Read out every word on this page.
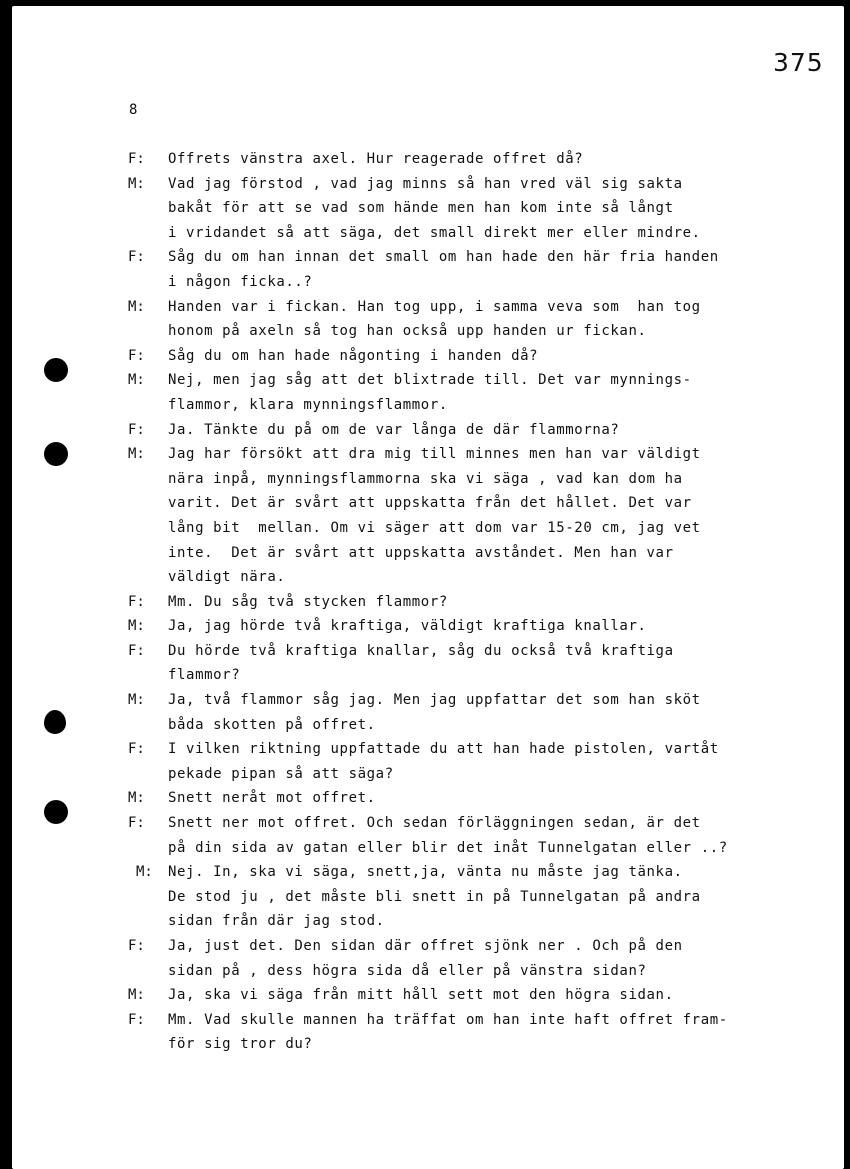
375
8
F:	Offrets vänstra axel. Hur reagerade offret då?
M:	Vad jag förstod , vad jag minns så han vred väl sig sakta
bakåt för att se vad som hände men han kom inte så långt
i vridandet så att säga, det small direkt mer eller mindre.
F:	Såg du om han innan det small om han hade den här fria handen
i någon ficka..?
M:	Handen var i fickan. Han tog upp, i samma veva som  han tog
honom på axeln så tog han också upp handen ur fickan.
F:	Såg du om han hade någonting i handen då?
M:	Nej, men jag såg att det blixtrade till. Det var mynnings-
flammor, klara mynningsflammor.
F:	Ja. Tänkte du på om de var långa de där flammorna?
M:	Jag har försökt att dra mig till minnes men han var väldigt
nära inpå, mynningsflammorna ska vi säga , vad kan dom ha
varit. Det är svårt att uppskatta från det hållet. Det var
lång bit  mellan. Om vi säger att dom var 15-20 cm, jag vet
inte.  Det är svårt att uppskatta avståndet. Men han var
väldigt nära.
F:	Mm. Du såg två stycken flammor?
M:	Ja, jag hörde två kraftiga, väldigt kraftiga knallar.
F:	Du hörde två kraftiga knallar, såg du också två kraftiga
flammor?
M:	Ja, två flammor såg jag. Men jag uppfattar det som han sköt
båda skotten på offret.
F:	I vilken riktning uppfattade du att han hade pistolen, vartåt
pekade pipan så att säga?
M:	Snett neråt mot offret.
F:	Snett ner mot offret. Och sedan förläggningen sedan, är det
på din sida av gatan eller blir det inåt Tunnelgatan eller ..?
M:	Nej. In, ska vi säga, snett,ja, vänta nu måste jag tänka.
De stod ju , det måste bli snett in på Tunnelgatan på andra
sidan från där jag stod.
F:	Ja, just det. Den sidan där offret sjönk ner . Och på den
sidan på , dess högra sida då eller på vänstra sidan?
M:	Ja, ska vi säga från mitt håll sett mot den högra sidan.
F:	Mm. Vad skulle mannen ha träffat om han inte haft offret fram-
för sig tror du?
